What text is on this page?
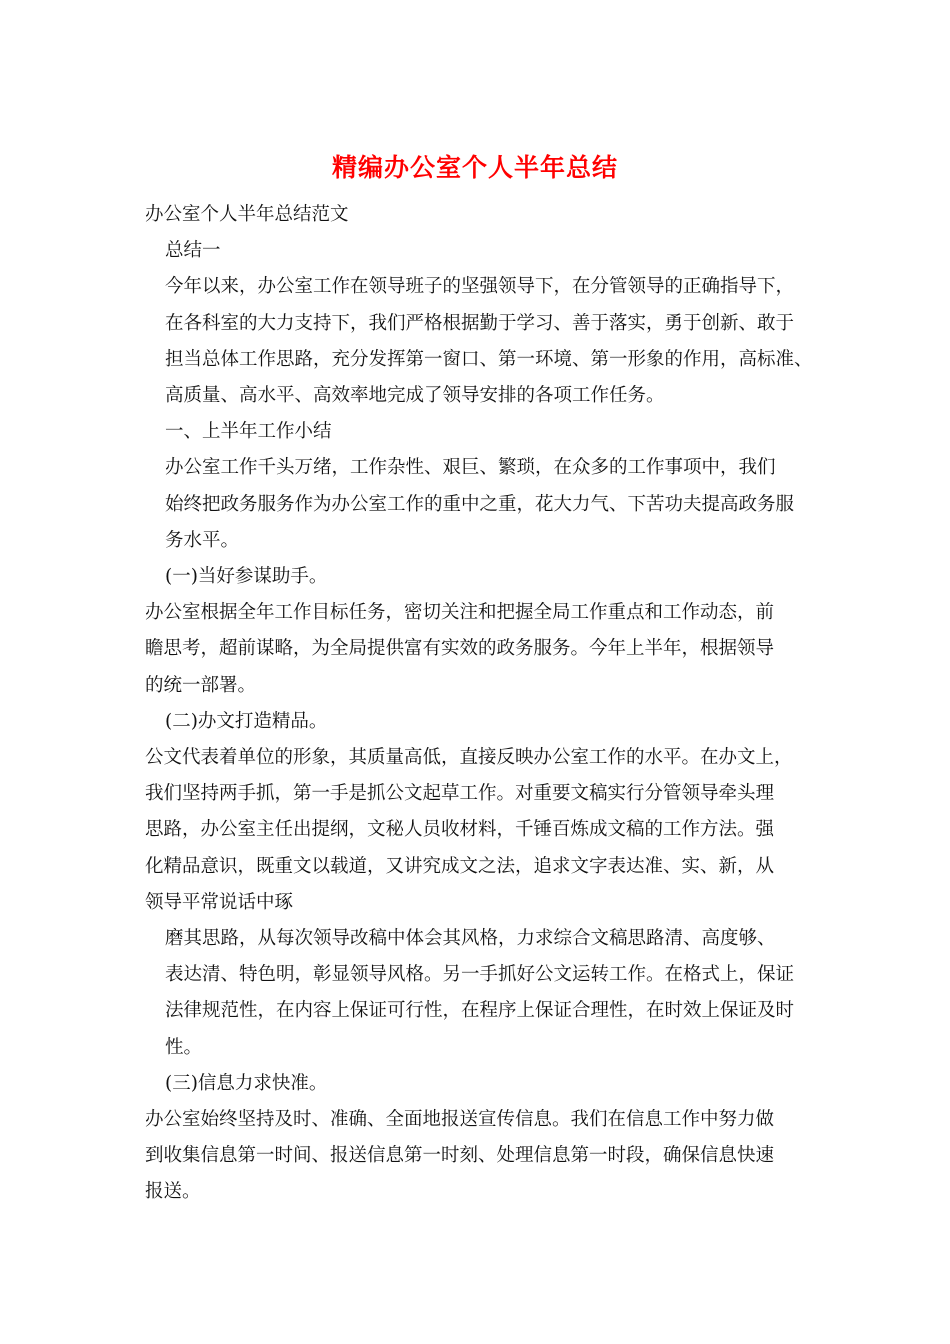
精编办公室个人半年总结
办公室个人半年总结范文
总结一
今年以来，办公室工作在领导班子的坚强领导下，在分管领导的正确指导下，
在各科室的大力支持下，我们严格根据勤于学习、善于落实，勇于创新、敢于
担当总体工作思路，充分发挥第一窗口、第一环境、第一形象的作用，高标准、
高质量、高水平、高效率地完成了领导安排的各项工作任务。
一、上半年工作小结
办公室工作千头万绪，工作杂性、艰巨、繁琐，在众多的工作事项中，我们
始终把政务服务作为办公室工作的重中之重，花大力气、下苦功夫提高政务服
务水平。
(一)当好参谋助手。
办公室根据全年工作目标任务，密切关注和把握全局工作重点和工作动态，前
瞻思考，超前谋略，为全局提供富有实效的政务服务。今年上半年，根据领导
的统一部署。
(二)办文打造精品。
公文代表着单位的形象，其质量高低，直接反映办公室工作的水平。在办文上，
我们坚持两手抓，第一手是抓公文起草工作。对重要文稿实行分管领导牵头理
思路，办公室主任出提纲，文秘人员收材料，千锤百炼成文稿的工作方法。强
化精品意识，既重文以载道，又讲究成文之法，追求文字表达准、实、新，从
领导平常说话中琢
磨其思路，从每次领导改稿中体会其风格，力求综合文稿思路清、高度够、
表达清、特色明，彰显领导风格。另一手抓好公文运转工作。在格式上，保证
法律规范性，在内容上保证可行性，在程序上保证合理性，在时效上保证及时
性。
(三)信息力求快准。
办公室始终坚持及时、准确、全面地报送宣传信息。我们在信息工作中努力做
到收集信息第一时间、报送信息第一时刻、处理信息第一时段，确保信息快速
报送。
